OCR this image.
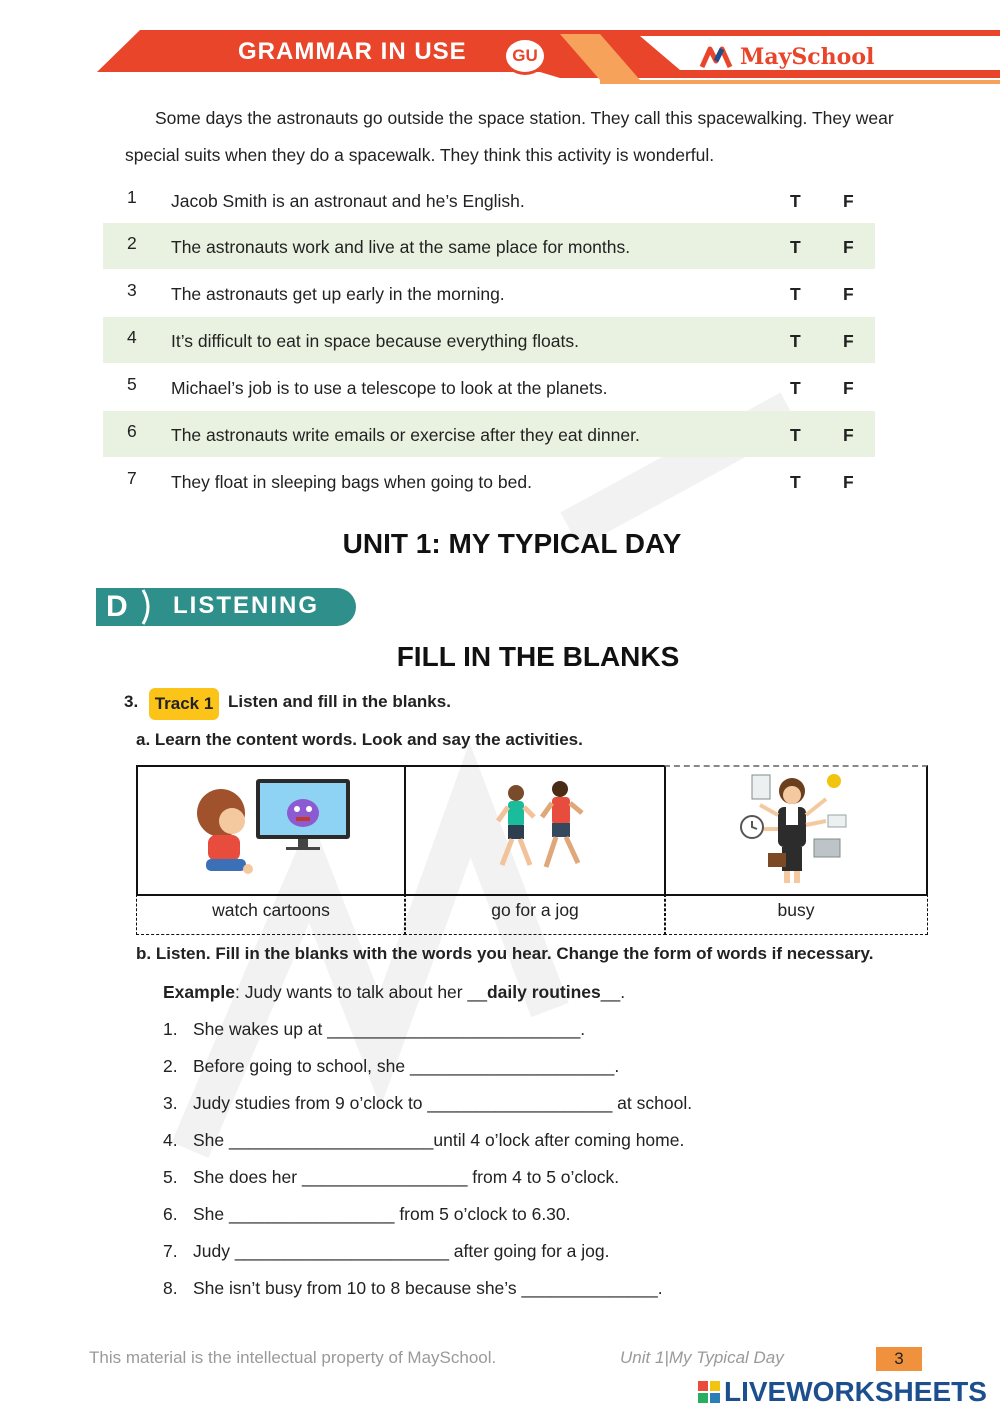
GRAMMAR IN USE	GU	MaySchool

Some days the astronauts go outside the space station. They call this spacewalking. They wear special suits when they do a spacewalk. They think this activity is wonderful.

1 Jacob Smith is an astronaut and he’s English.	T F
2 The astronauts work and live at the same place for months.	T F
3 The astronauts get up early in the morning.	T F
4 It’s difficult to eat in space because everything floats.	T F
5 Michael’s job is to use a telescope to look at the planets.	T F
6 The astronauts write emails or exercise after they eat dinner.	T F
7 They float in sleeping bags when going to bed.	T F
UNIT 1: MY TYPICAL DAY
D LISTENING
FILL IN THE BLANKS
3. Track 1 Listen and fill in the blanks.
a. Learn the content words. Look and say the activities.
watch cartoons	go for a jog	busy
b. Listen. Fill in the blanks with the words you hear. Change the form of words if necessary.
Example: Judy wants to talk about her __daily routines__.
1. She wakes up at __________________________.
2. Before going to school, she _____________________.
3. Judy studies from 9 o’clock to ___________________ at school.
4. She _____________________until 4 o’lock after coming home.
5. She does her _________________ from 4 to 5 o’clock.
6. She _________________ from 5 o’clock to 6.30.
7. Judy ______________________ after going for a jog.
8. She isn’t busy from 10 to 8 because she’s ______________.
This material is the intellectual property of MaySchool.	Unit 1|My Typical Day	3
LIVEWORKSHEETS
